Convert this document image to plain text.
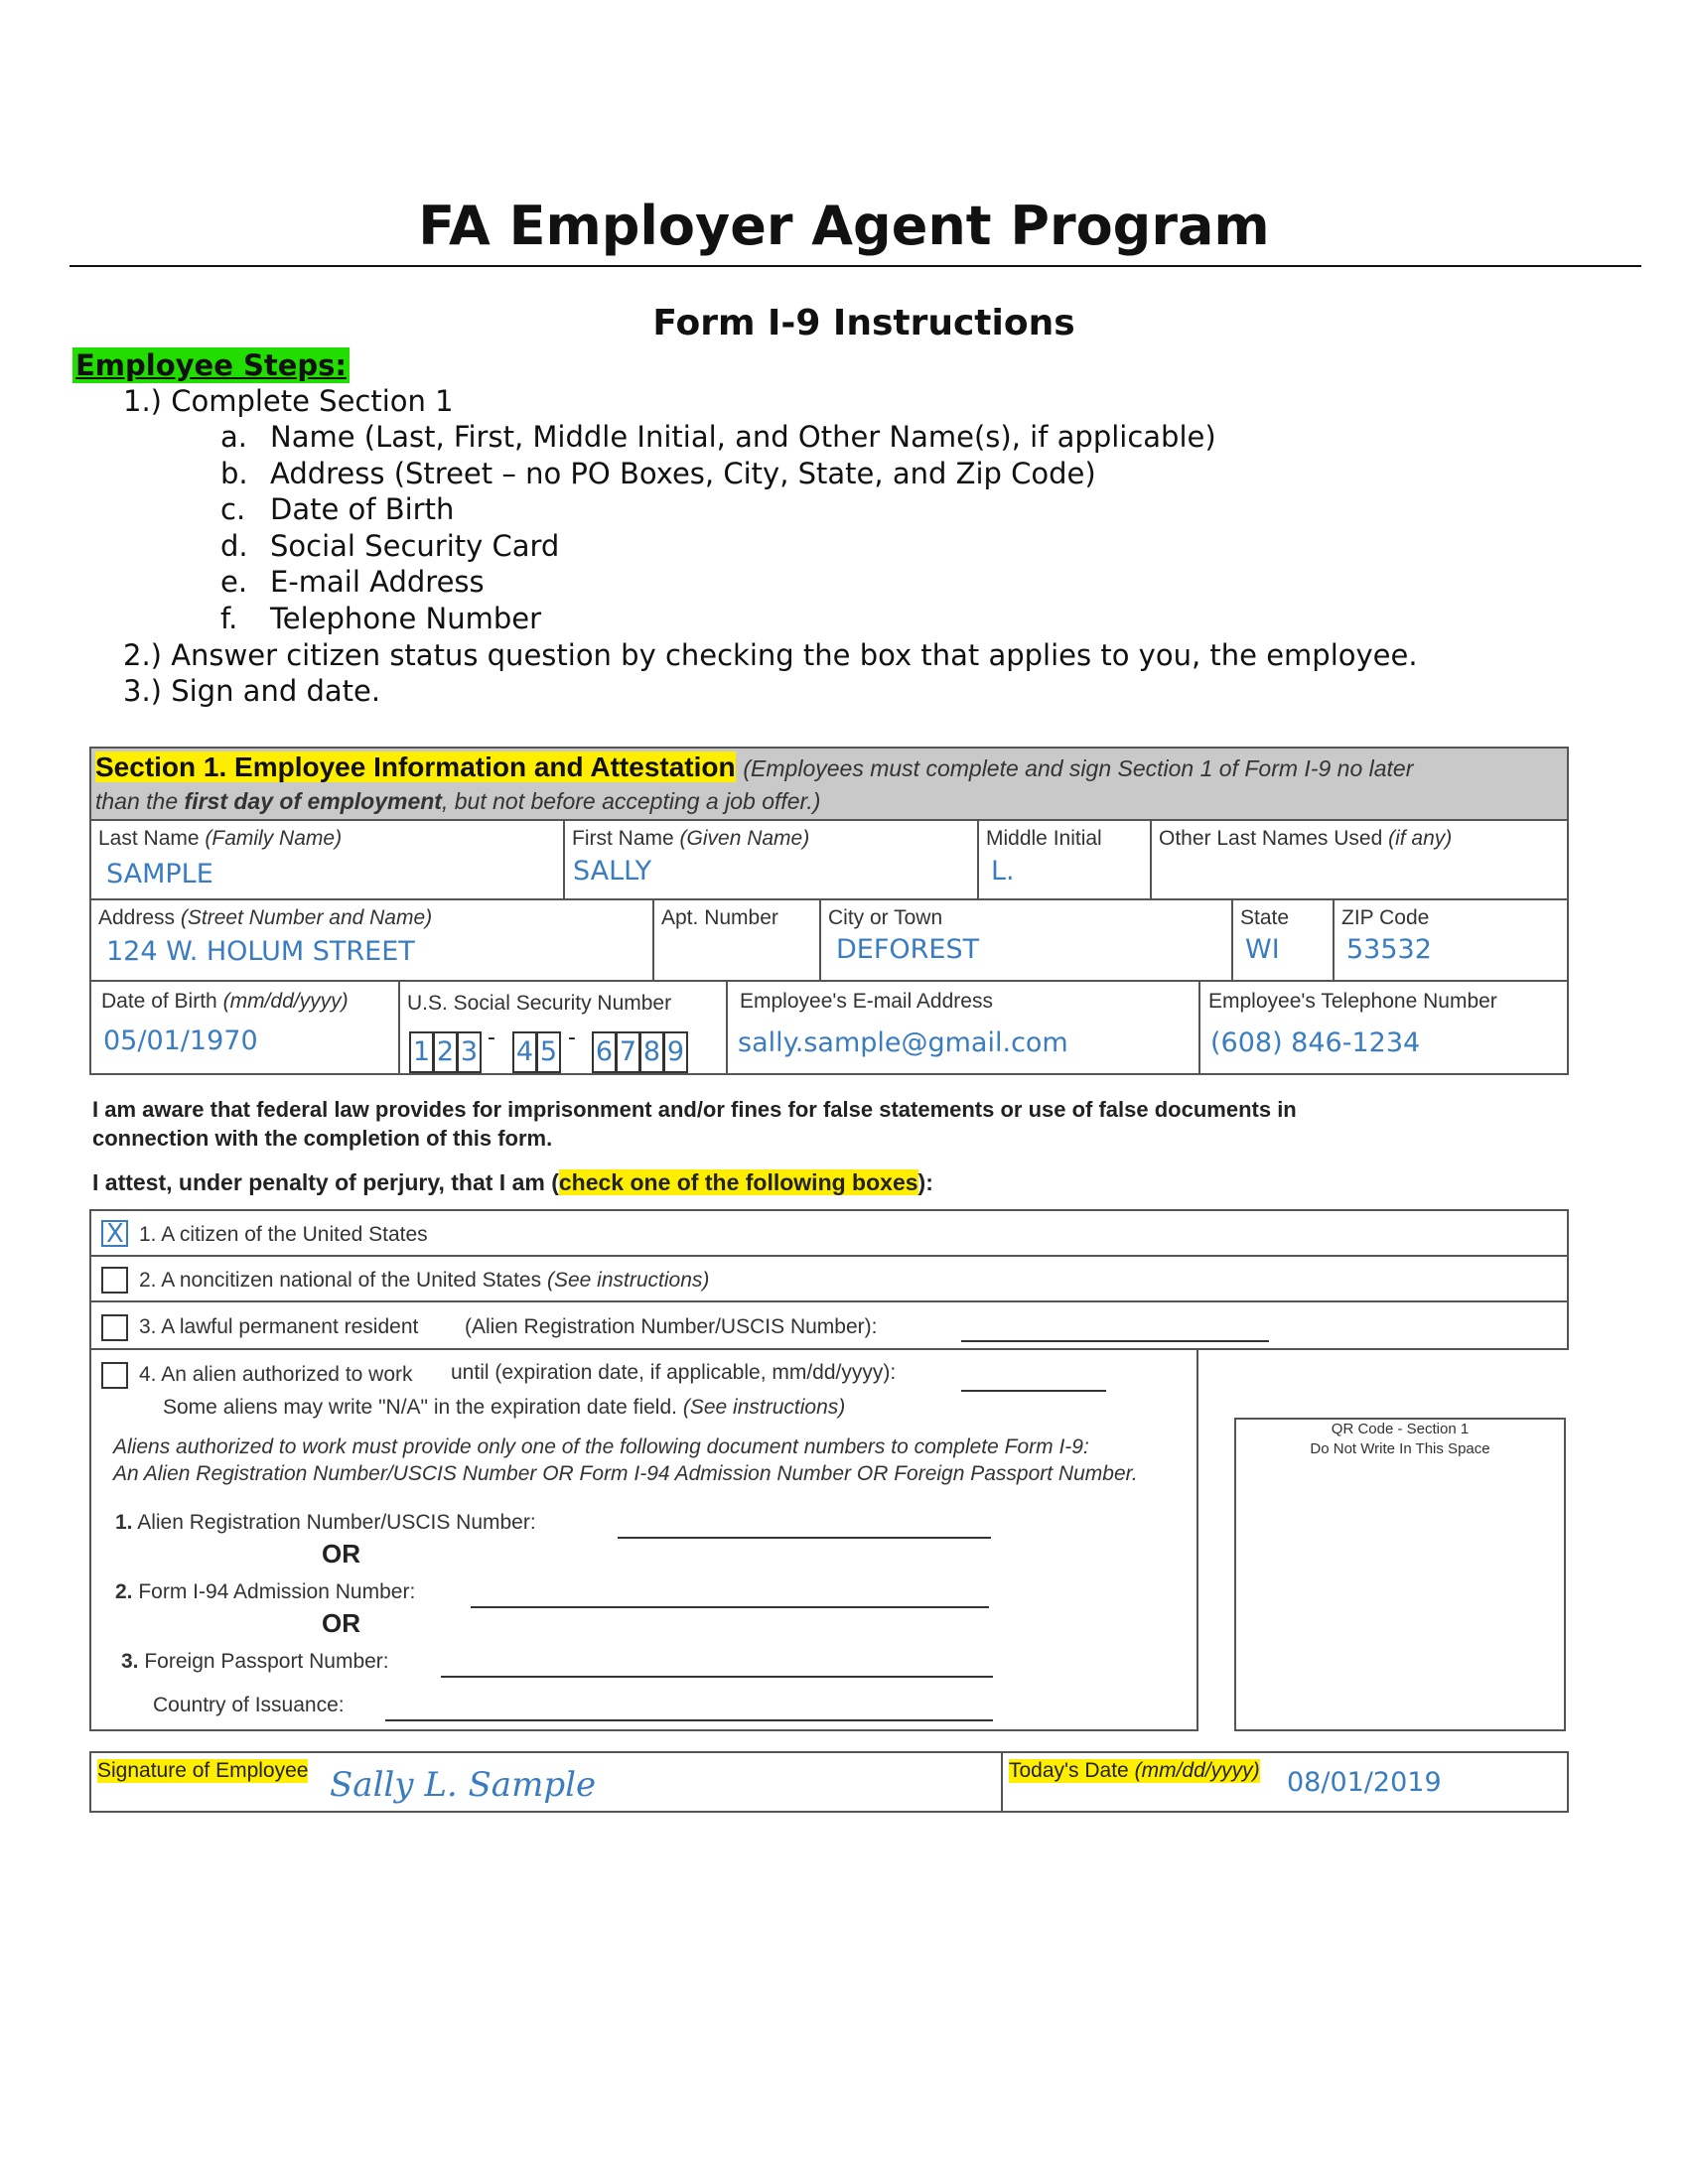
FA Employer Agent Program
Form I-9 Instructions
Employee Steps:
1.) Complete Section 1
a. Name (Last, First, Middle Initial, and Other Name(s), if applicable)
b. Address (Street – no PO Boxes, City, State, and Zip Code)
c. Date of Birth
d. Social Security Card
e. E-mail Address
f. Telephone Number
2.) Answer citizen status question by checking the box that applies to you, the employee.
3.) Sign and date.
Section 1. Employee Information and Attestation (Employees must complete and sign Section 1 of Form I-9 no later
than the first day of employment, but not before accepting a job offer.)
Last Name (Family Name)
SAMPLE
First Name (Given Name)
SALLY
Middle Initial
L.
Other Last Names Used (if any)
Address (Street Number and Name)
124 W. HOLUM STREET
Apt. Number City or Town
DEFOREST
State
WI
ZIP Code
53532
Date of Birth (mm/dd/yyyy)
05/01/1970
U.S. Social Security Number
1 2 3 - 4 5 - 6 7 8 9
Employee's E-mail Address
sally.sample@gmail.com
Employee's Telephone Number
(608) 846-1234
I am aware that federal law provides for imprisonment and/or fines for false statements or use of false documents in
connection with the completion of this form.
I attest, under penalty of perjury, that I am (check one of the following boxes):
X 1. A citizen of the United States
2. A noncitizen national of the United States (See instructions)
3. A lawful permanent resident (Alien Registration Number/USCIS Number):
4. An alien authorized to work until (expiration date, if applicable, mm/dd/yyyy):
Some aliens may write "N/A" in the expiration date field. (See instructions)
Aliens authorized to work must provide only one of the following document numbers to complete Form I-9:
An Alien Registration Number/USCIS Number OR Form I-94 Admission Number OR Foreign Passport Number.
1. Alien Registration Number/USCIS Number:
OR
2. Form I-94 Admission Number:
OR
3. Foreign Passport Number:
Country of Issuance:
QR Code - Section 1
Do Not Write In This Space
Signature of Employee Sally L. Sample	Today's Date (mm/dd/yyyy) 08/01/2019
